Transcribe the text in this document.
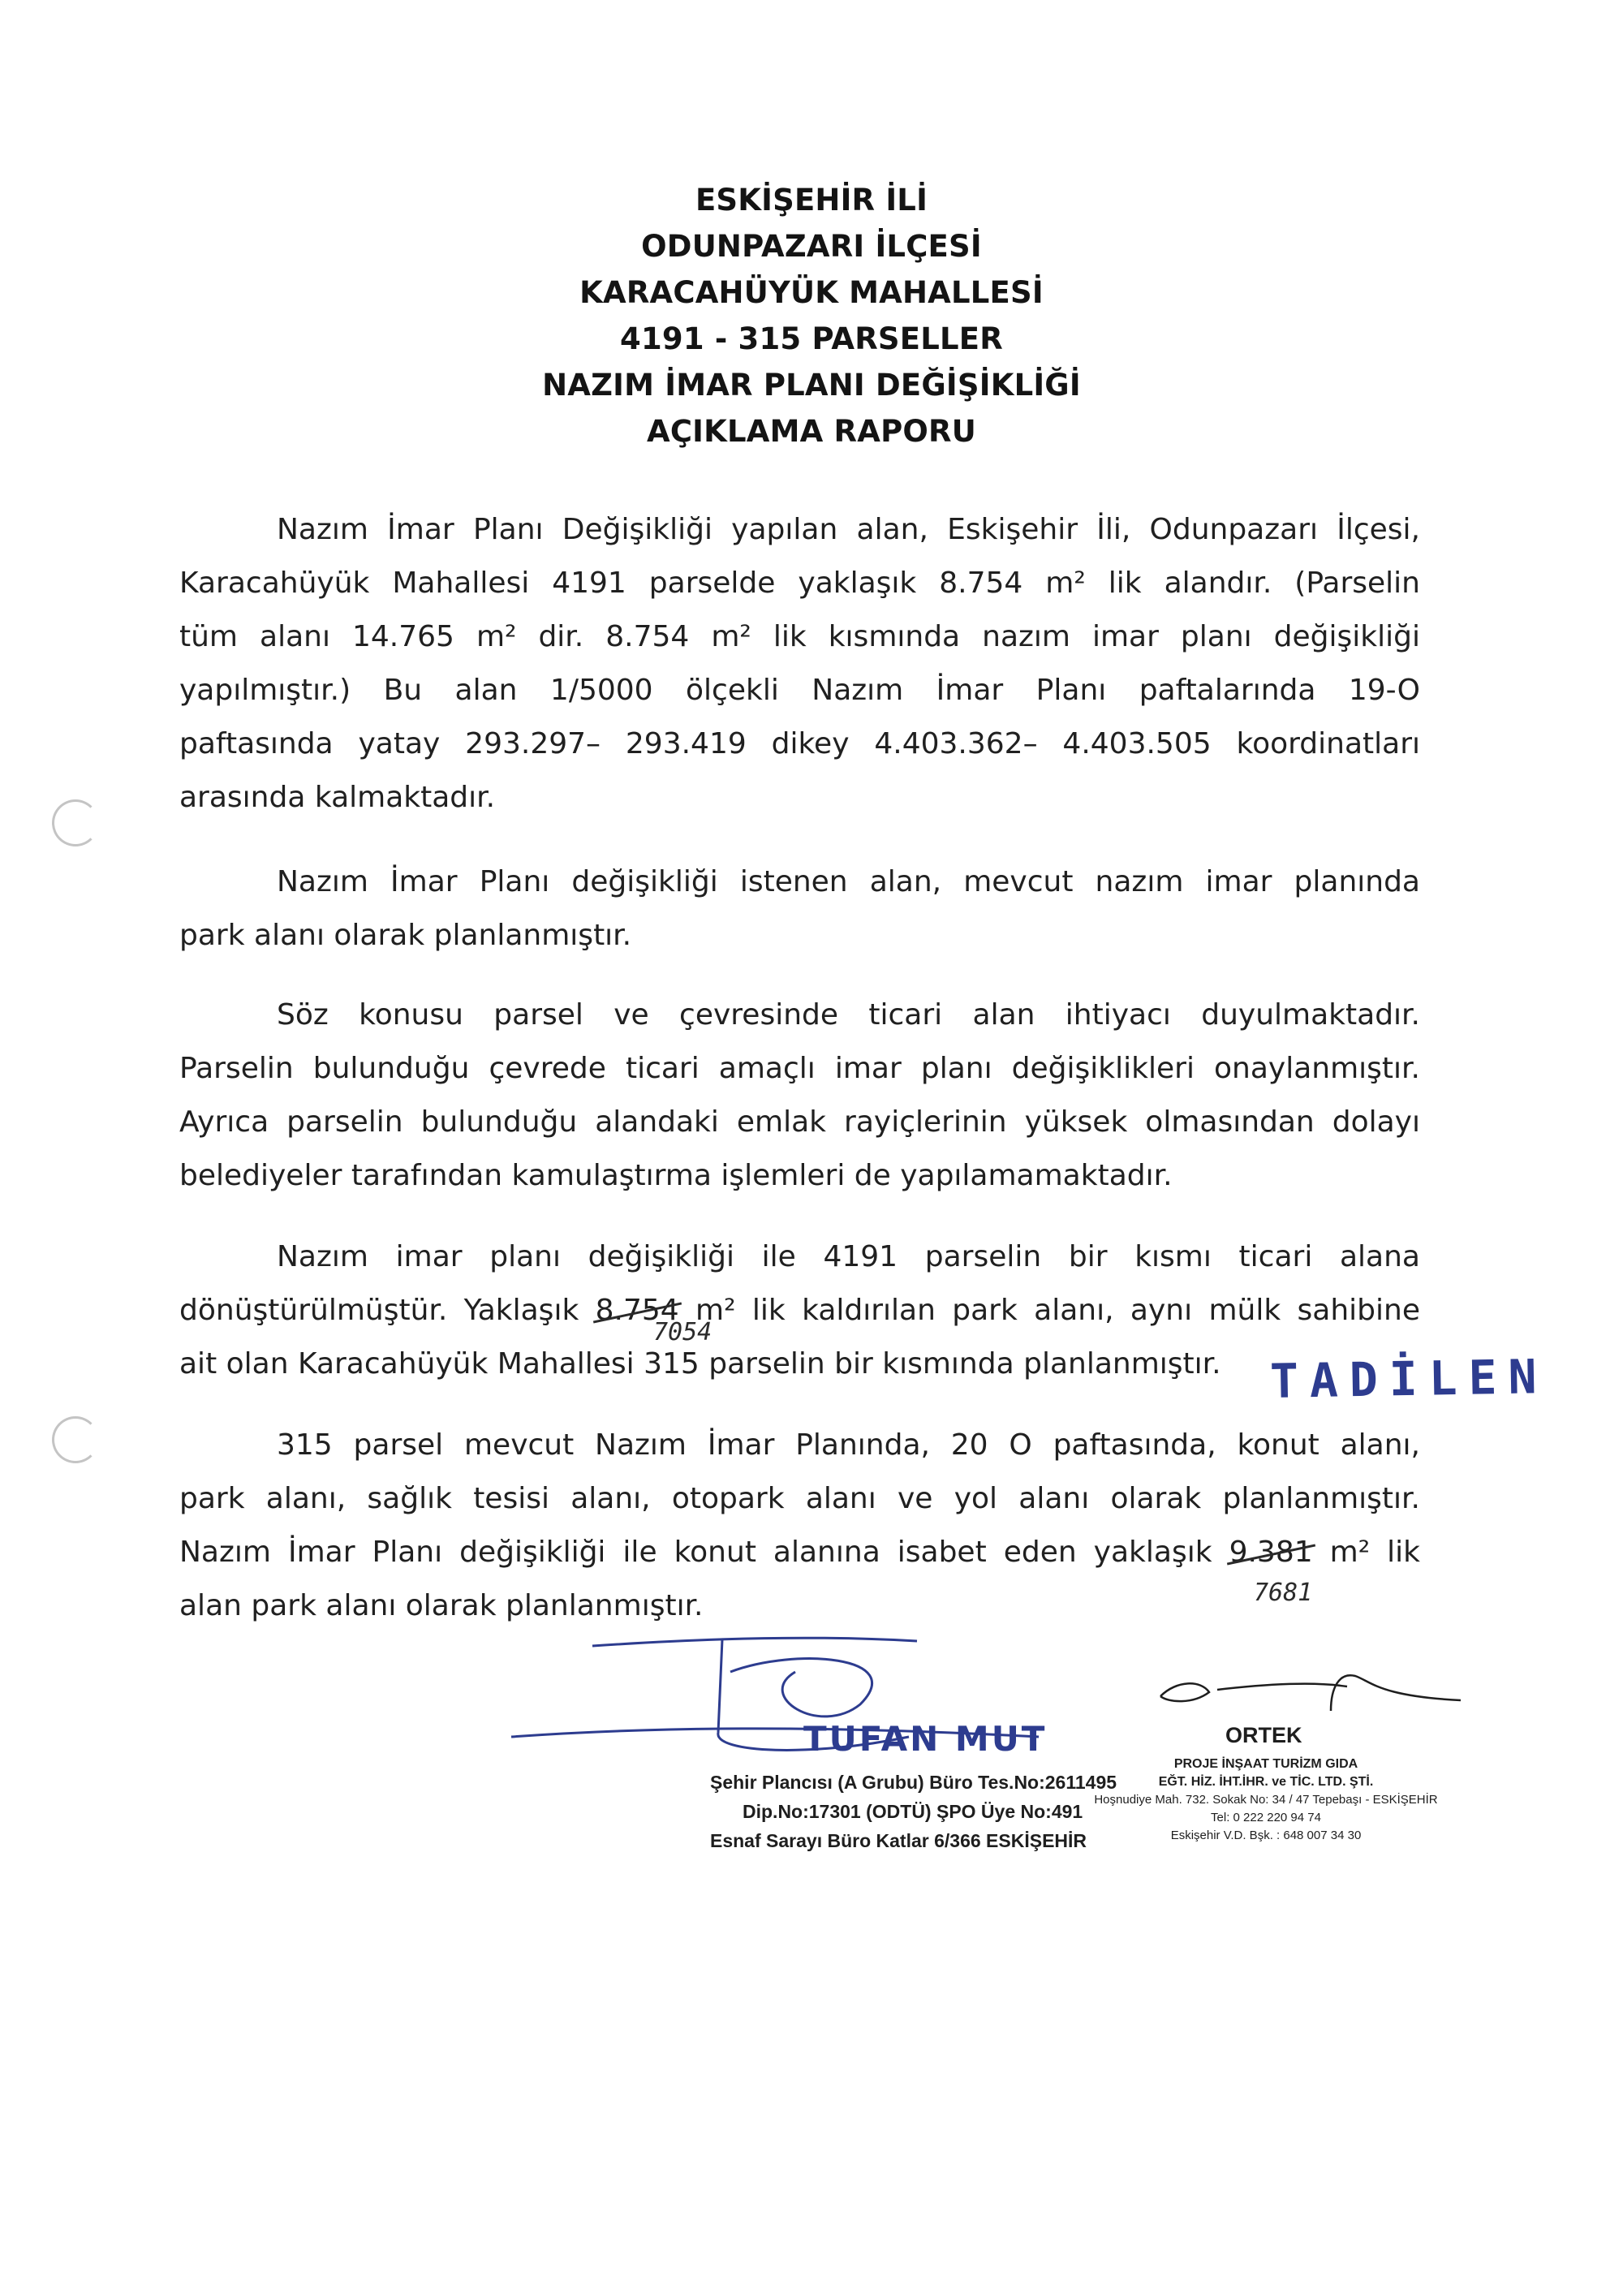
ESKİŞEHİR İLİ
ODUNPAZARI İLÇESİ
KARACAHÜYÜK MAHALLESİ
4191 - 315 PARSELLER
NAZIM İMAR PLANI DEĞİŞİKLİĞİ
AÇIKLAMA RAPORU
Nazım İmar Planı Değişikliği yapılan alan, Eskişehir İli, Odunpazarı İlçesi,
Karacahüyük Mahallesi 4191 parselde yaklaşık 8.754 m² lik alandır. (Parselin
tüm alanı 14.765 m² dir. 8.754 m² lik kısmında nazım imar planı değişikliği
yapılmıştır.) Bu alan 1/5000 ölçekli Nazım İmar Planı paftalarında 19-O
paftasında yatay 293.297– 293.419 dikey 4.403.362– 4.403.505 koordinatları
arasında kalmaktadır.
Nazım İmar Planı değişikliği istenen alan, mevcut nazım imar planında
park alanı olarak planlanmıştır.
Söz konusu parsel ve çevresinde ticari alan ihtiyacı duyulmaktadır.
Parselin bulunduğu çevrede ticari amaçlı imar planı değişiklikleri onaylanmıştır.
Ayrıca parselin bulunduğu alandaki emlak rayiçlerinin yüksek olmasından dolayı
belediyeler tarafından kamulaştırma işlemleri de yapılamamaktadır.
Nazım imar planı değişikliği ile 4191 parselin bir kısmı ticari alana
dönüştürülmüştür. Yaklaşık 8.754 m² lik kaldırılan park alanı, aynı mülk sahibine
ait olan Karacahüyük Mahallesi 315 parselin bir kısmında planlanmıştır.
7054
TADİLEN
315 parsel mevcut Nazım İmar Planında, 20 O paftasında, konut alanı,
park alanı, sağlık tesisi alanı, otopark alanı ve yol alanı olarak planlanmıştır.
Nazım İmar Planı değişikliği ile konut alanına isabet eden yaklaşık 9.381 m² lik
alan park alanı olarak planlanmıştır.	7681
TUFAN MUT
Şehir Plancısı (A Grubu) Büro Tes.No:2611495
Dip.No:17301 (ODTÜ) ŞPO Üye No:491
Esnaf Sarayı Büro Katlar 6/366 ESKİŞEHİR
ORTEK
PROJE İNŞAAT TURİZM GIDA
EĞT. HİZ. İHT.İHR. ve TİC. LTD. ŞTİ.
Hoşnudiye Mah. 732. Sokak No: 34 / 47 Tepebaşı - ESKİŞEHİR
Tel: 0 222 220 94 74
Eskişehir V.D. Bşk. : 648 007 34 30
